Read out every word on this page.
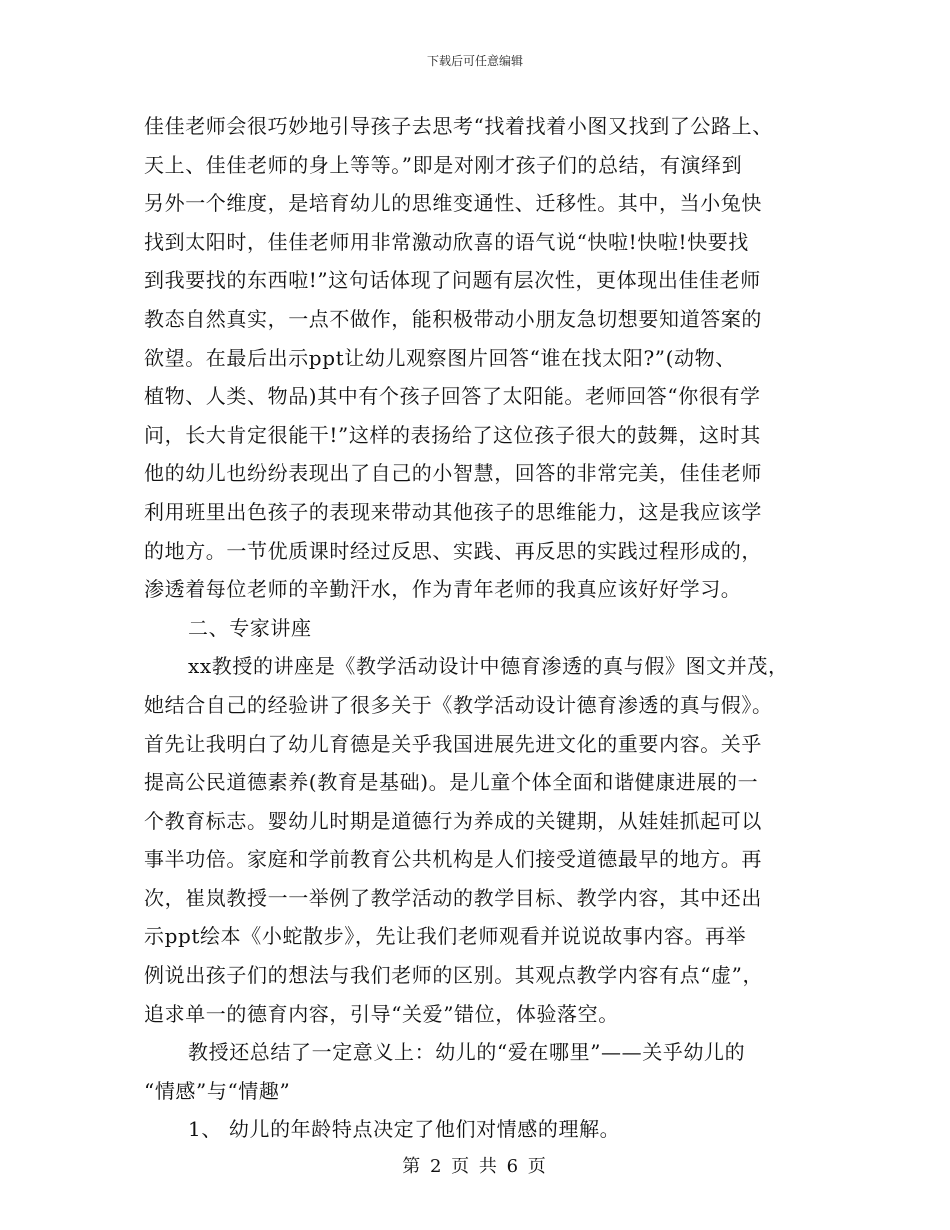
下载后可任意编辑
佳佳老师会很巧妙地引导孩子去思考“找着找着小图又找到了公路上、
天上、佳佳老师的身上等等。”即是对刚才孩子们的总结，有演绎到
另外一个维度，是培育幼儿的思维变通性、迁移性。其中，当小兔快
找到太阳时，佳佳老师用非常激动欣喜的语气说“快啦!快啦!快要找
到我要找的东西啦!”这句话体现了问题有层次性，更体现出佳佳老师
教态自然真实，一点不做作，能积极带动小朋友急切想要知道答案的
欲望。在最后出示ppt让幼儿观察图片回答“谁在找太阳?”(动物、
植物、人类、物品)其中有个孩子回答了太阳能。老师回答“你很有学
问，长大肯定很能干!”这样的表扬给了这位孩子很大的鼓舞，这时其
他的幼儿也纷纷表现出了自己的小智慧，回答的非常完美，佳佳老师
利用班里出色孩子的表现来带动其他孩子的思维能力，这是我应该学
的地方。一节优质课时经过反思、实践、再反思的实践过程形成的，
渗透着每位老师的辛勤汗水，作为青年老师的我真应该好好学习。
二、专家讲座
xx教授的讲座是《教学活动设计中德育渗透的真与假》图文并茂，
她结合自己的经验讲了很多关于《教学活动设计德育渗透的真与假》。
首先让我明白了幼儿育德是关乎我国进展先进文化的重要内容。关乎
提高公民道德素养(教育是基础)。是儿童个体全面和谐健康进展的一
个教育标志。婴幼儿时期是道德行为养成的关键期，从娃娃抓起可以
事半功倍。家庭和学前教育公共机构是人们接受道德最早的地方。再
次，崔岚教授一一举例了教学活动的教学目标、教学内容，其中还出
示ppt绘本《小蛇散步》，先让我们老师观看并说说故事内容。再举
例说出孩子们的想法与我们老师的区别。其观点教学内容有点“虚”，
追求单一的德育内容，引导“关爱”错位，体验落空。
教授还总结了一定意义上：幼儿的“爱在哪里”——关乎幼儿的
“情感”与“情趣”
1、 幼儿的年龄特点决定了他们对情感的理解。
第 2 页 共 6 页
